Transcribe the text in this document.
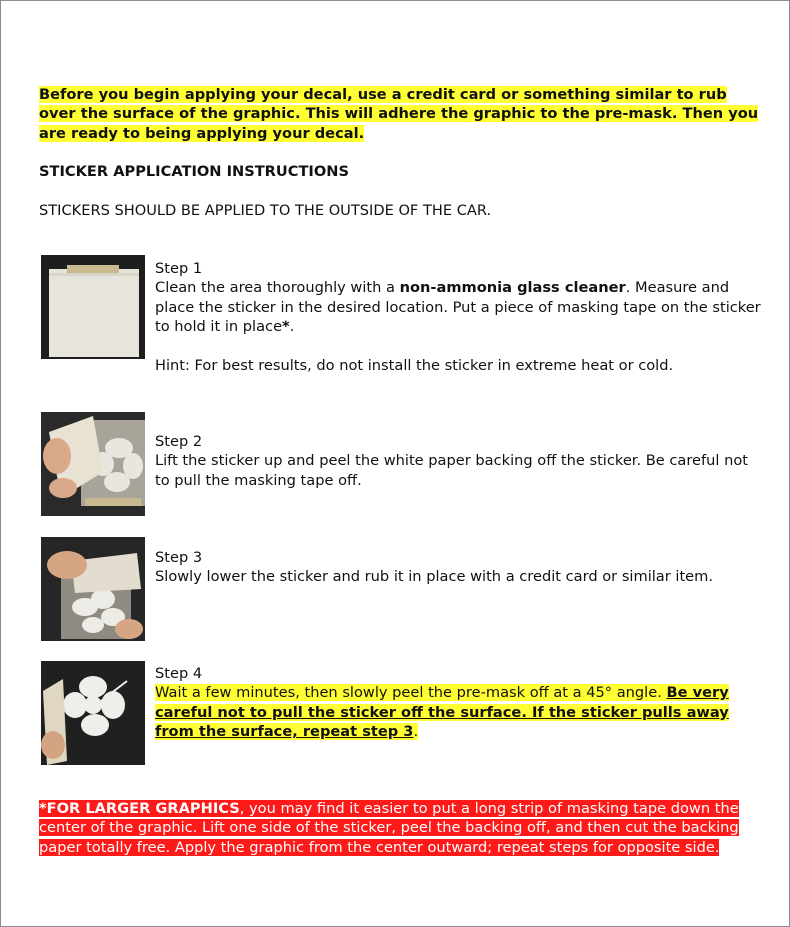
Before you begin applying your decal, use a credit card or something similar to rub over the surface of the graphic. This will adhere the graphic to the pre-mask. Then you are ready to being applying your decal.

STICKER APPLICATION INSTRUCTIONS

STICKERS SHOULD BE APPLIED TO THE OUTSIDE OF THE CAR.

Step 1

Clean the area thoroughly with a non-ammonia glass cleaner. Measure and place the sticker in the desired location. Put a piece of masking tape on the sticker to hold it in place*.

Hint: For best results, do not install the sticker in extreme heat or cold.

Step 2

Lift the sticker up and peel the white paper backing off the sticker. Be careful not to pull the masking tape off.

Step 3

Slowly lower the sticker and rub it in place with a credit card or similar item.

Step 4

Wait a few minutes, then slowly peel the pre-mask off at a 45° angle. Be very careful not to pull the sticker off the surface. If the sticker pulls away from the surface, repeat step 3.

*FOR LARGER GRAPHICS, you may find it easier to put a long strip of masking tape down the center of the graphic. Lift one side of the sticker, peel the backing off, and then cut the backing paper totally free. Apply the graphic from the center outward; repeat steps for opposite side.
